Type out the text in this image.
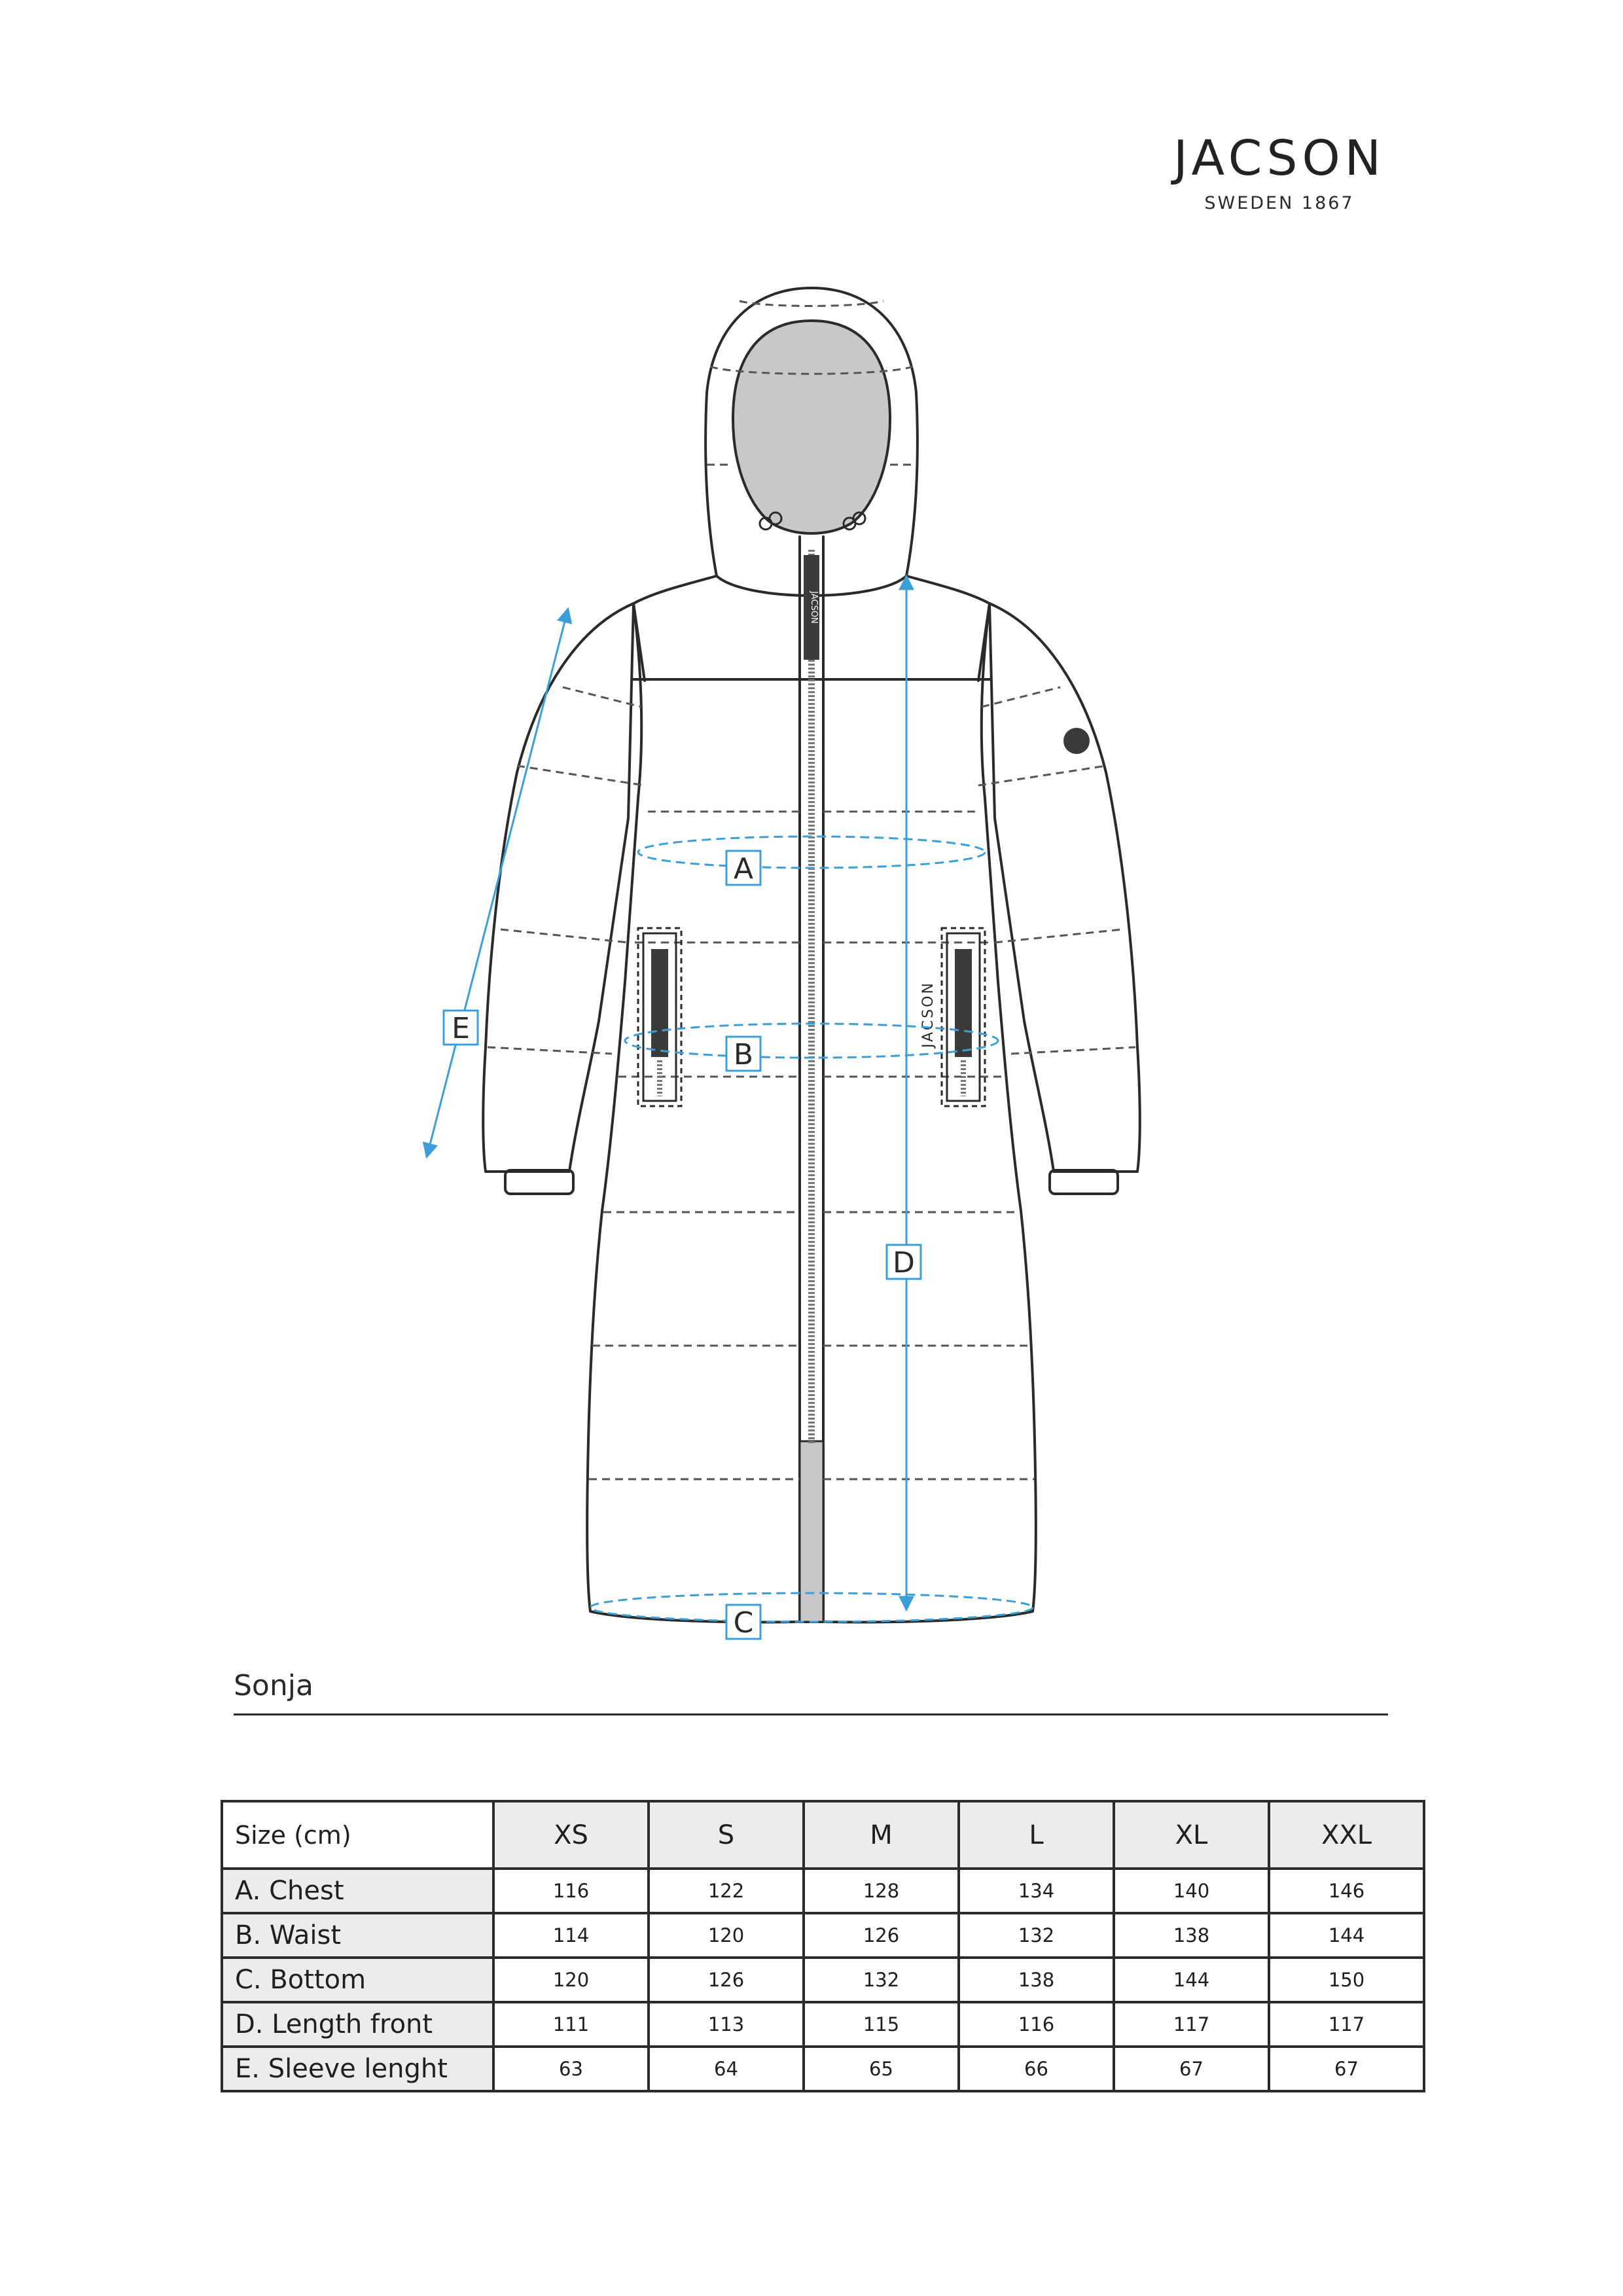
JACSON
SWEDEN 1867
JACSON
JACSON
A
B
C
D
E
Sonja
Size (cm)	XS	S	M	L	XL	XXL
A. Chest	116	122	128	134	140	146
B. Waist	114	120	126	132	138	144
C. Bottom	120	126	132	138	144	150
D. Length front	111	113	115	116	117	117
E. Sleeve lenght	63	64	65	66	67	67
